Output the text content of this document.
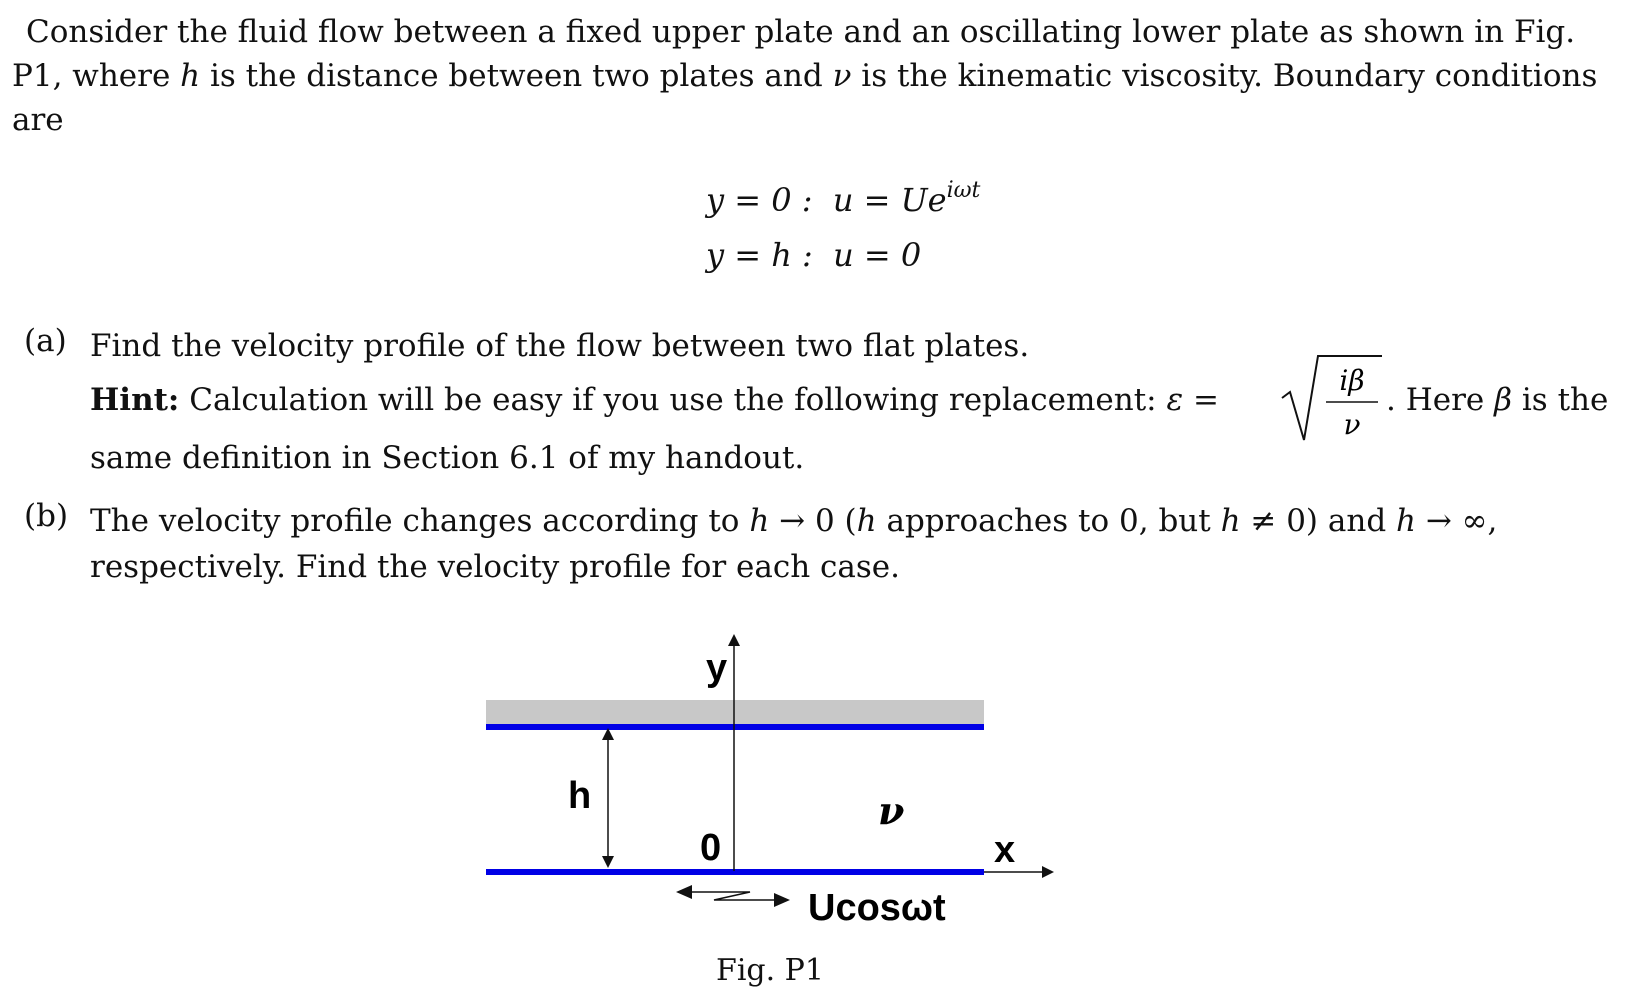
Consider the fluid flow between a fixed upper plate and an oscillating lower plate as shown in Fig.
P1, where h is the distance between two plates and ν is the kinematic viscosity. Boundary conditions
are
y = 0 : $u = Ue^{i\omega t}$
y = h : u = 0
(a) Find the velocity profile of the flow between two flat plates.
Hint: Calculation will be easy if you use the following replacement: ε =
iβ
ν
. Here β is the
same definition in Section 6.1 of my handout.
(b) The velocity profile changes according to h → 0 (h approaches to 0, but h ≠ 0) and h → ∞,
respectively. Find the velocity profile for each case.
y
x
h
0
ν
Ucosωt
Fig. P1
